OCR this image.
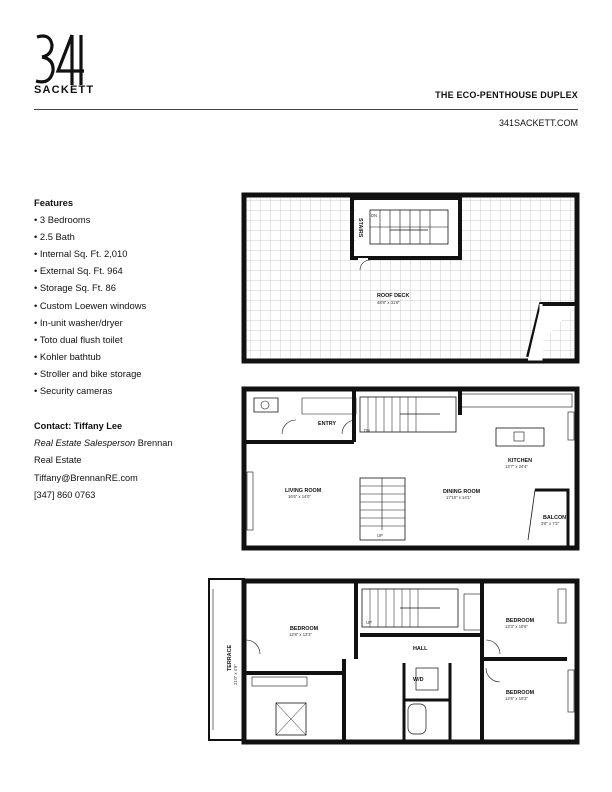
SACKETT	THE ECO-PENTHOUSE DUPLEX
341SACKETT.COM
Features
• 3 Bedrooms
• 2.5 Bath
• Internal Sq. Ft. 2,010
• External Sq. Ft. 964
• Storage Sq. Ft. 86
• Custom Loewen windows
• In-unit washer/dryer
• Toto dual flush toilet
• Kohler bathtub
• Stroller and bike storage
• Security cameras
Contact: Tiffany Lee
Real Estate Salesperson Brennan
Real Estate
Tiffany@BrennanRE.com
[347] 860 0763
ROOF DECK
48'8" x 31'8"
STAIRS
DN
ENTRY
KITCHEN
13'7" x 24'4"
LIVING ROOM
16'6" x 14'0"
DINING ROOM
17'10" x 14'1"
BALCONY
3'6" x 7'2"
UP
DN
TERRACE
21'0" x 4'9"
BEDROOM
12'8" x 13'3"
BEDROOM
13'3" x 10'6"
BEDROOM
12'6" x 10'3"
HALL
W/D
UP
